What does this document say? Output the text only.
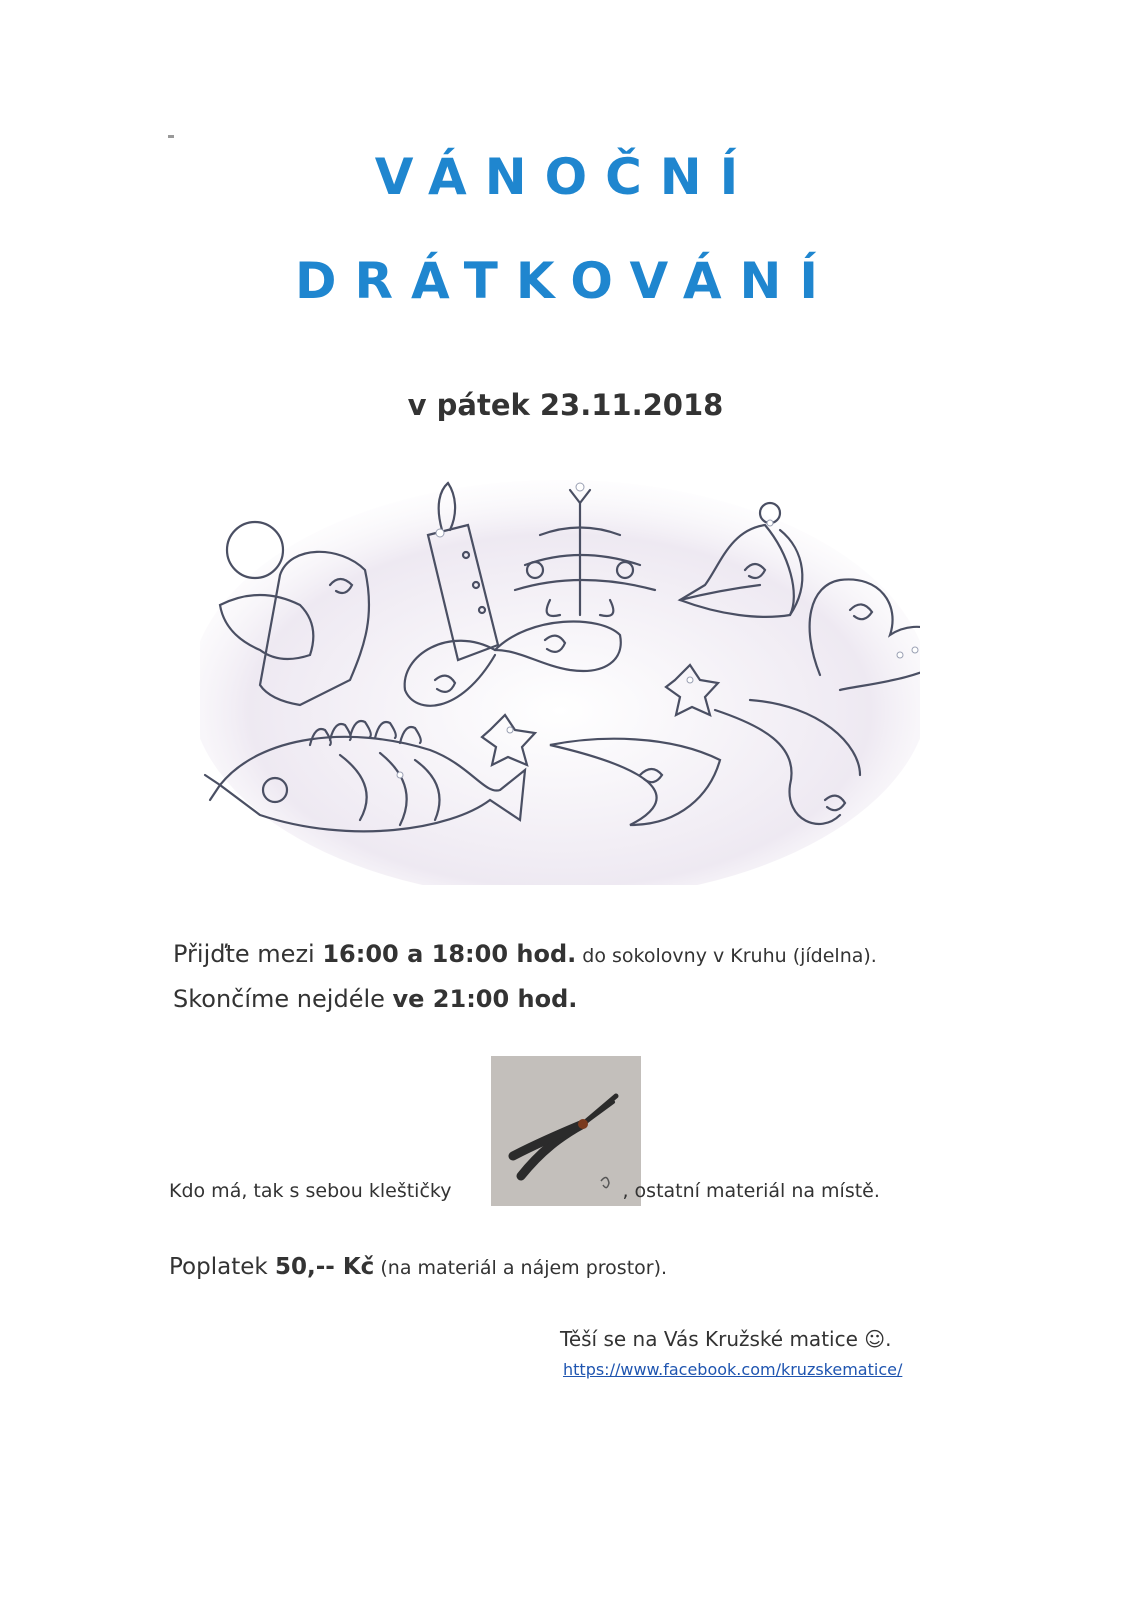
VÁNOČNÍ
DRÁTKOVÁNÍ
v pátek 23.11.2018
Přijďte mezi 16:00 a 18:00 hod. do sokolovny v Kruhu (jídelna).
Skončíme nejdéle ve 21:00 hod.
Kdo má, tak s sebou kleštičky	, ostatní materiál na místě.
Poplatek 50,-- Kč (na materiál a nájem prostor).
Těší se na Vás Kružské matice ☺.
https://www.facebook.com/kruzskematice/
